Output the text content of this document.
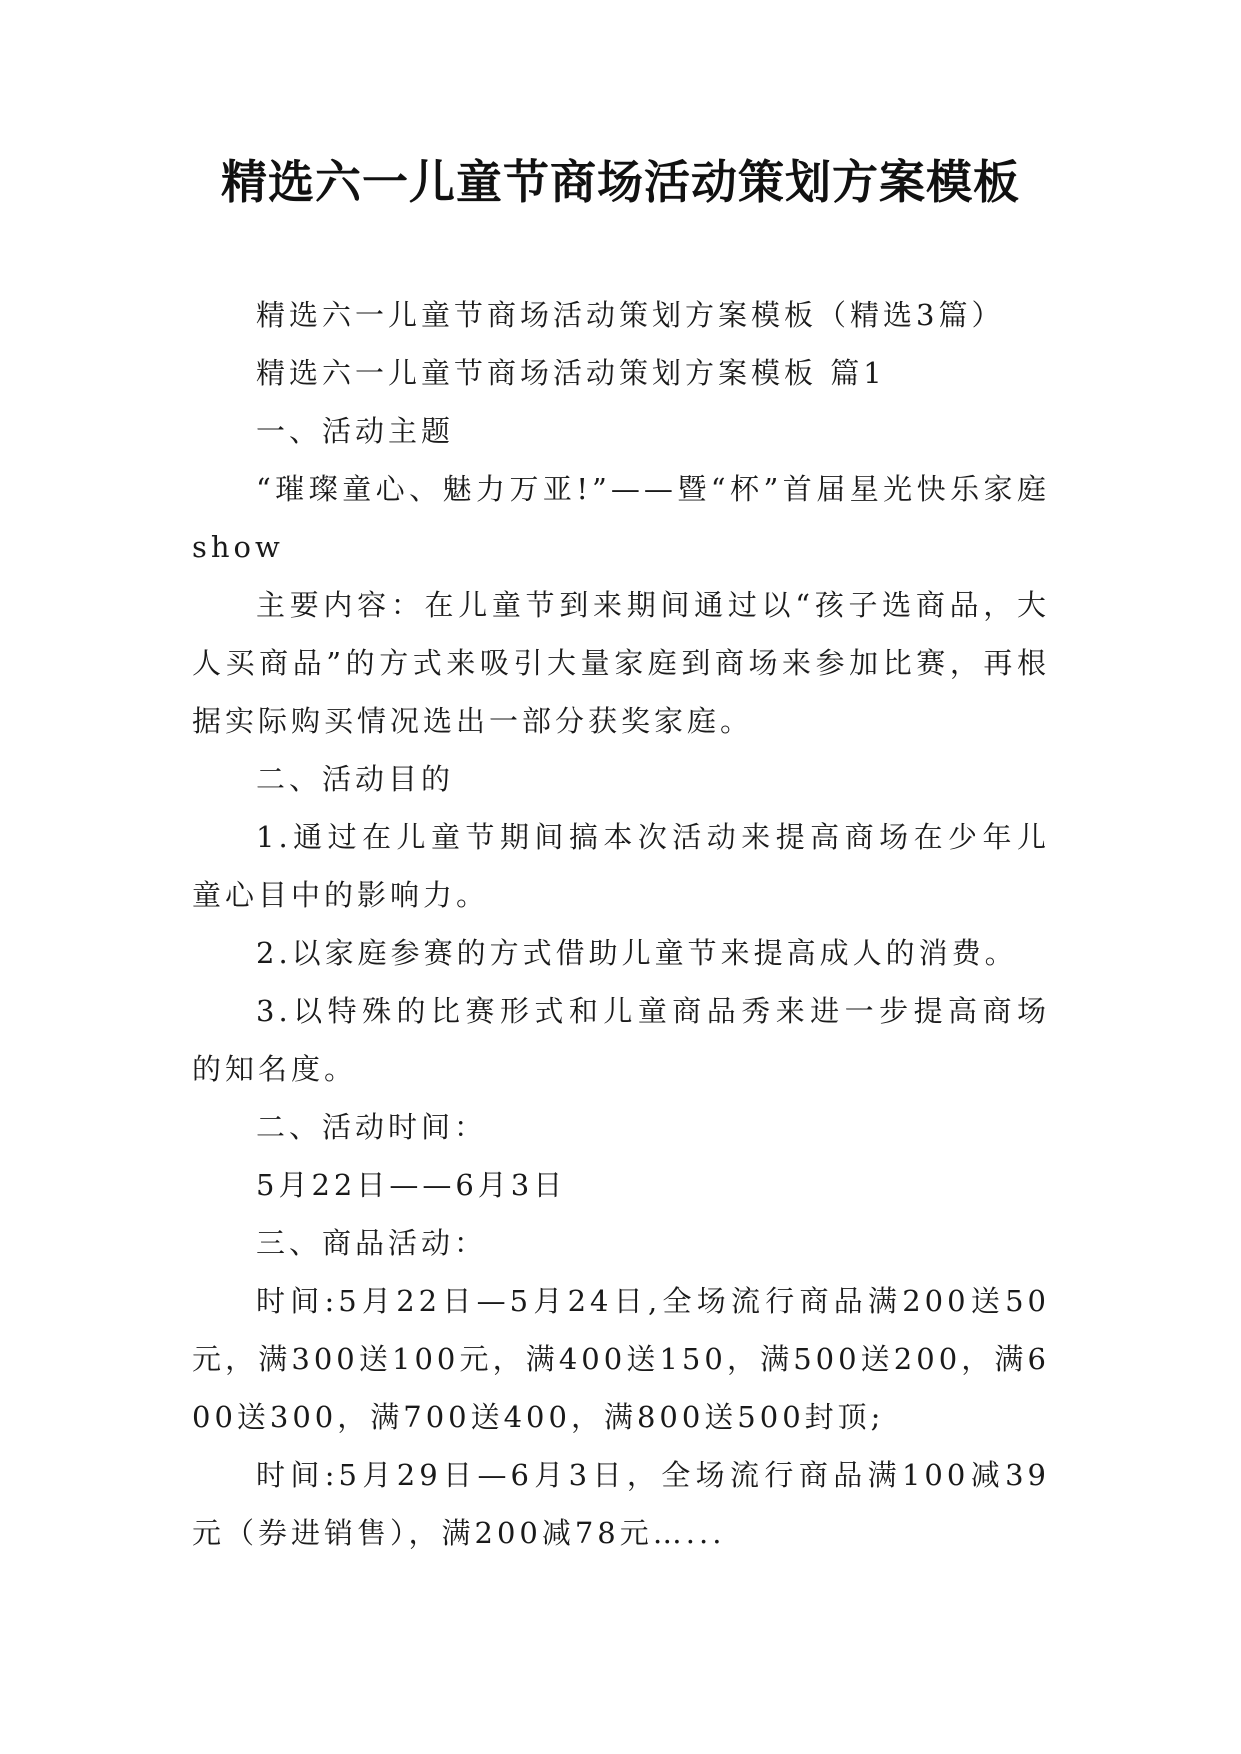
精选六一儿童节商场活动策划方案模板

精选六一儿童节商场活动策划方案模板（精选3篇）

精选六一儿童节商场活动策划方案模板 篇1

一、活动主题

“璀璨童心、魅力万亚!”——暨“杯”首届星光快乐家庭show

主要内容：在儿童节到来期间通过以“孩子选商品，大人买商品”的方式来吸引大量家庭到商场来参加比赛，再根据实际购买情况选出一部分获奖家庭。

二、活动目的

1.通过在儿童节期间搞本次活动来提高商场在少年儿童心目中的影响力。

2.以家庭参赛的方式借助儿童节来提高成人的消费。

3.以特殊的比赛形式和儿童商品秀来进一步提高商场的知名度。

二、活动时间：

5月22日——6月3日

三、商品活动：

时间:5月22日—5月24日,全场流行商品满200送50元，满300送100元，满400送150，满500送200，满600送300，满700送400，满800送500封顶;

时间:5月29日—6月3日，全场流行商品满100减39元（券进销售），满200减78元…...
